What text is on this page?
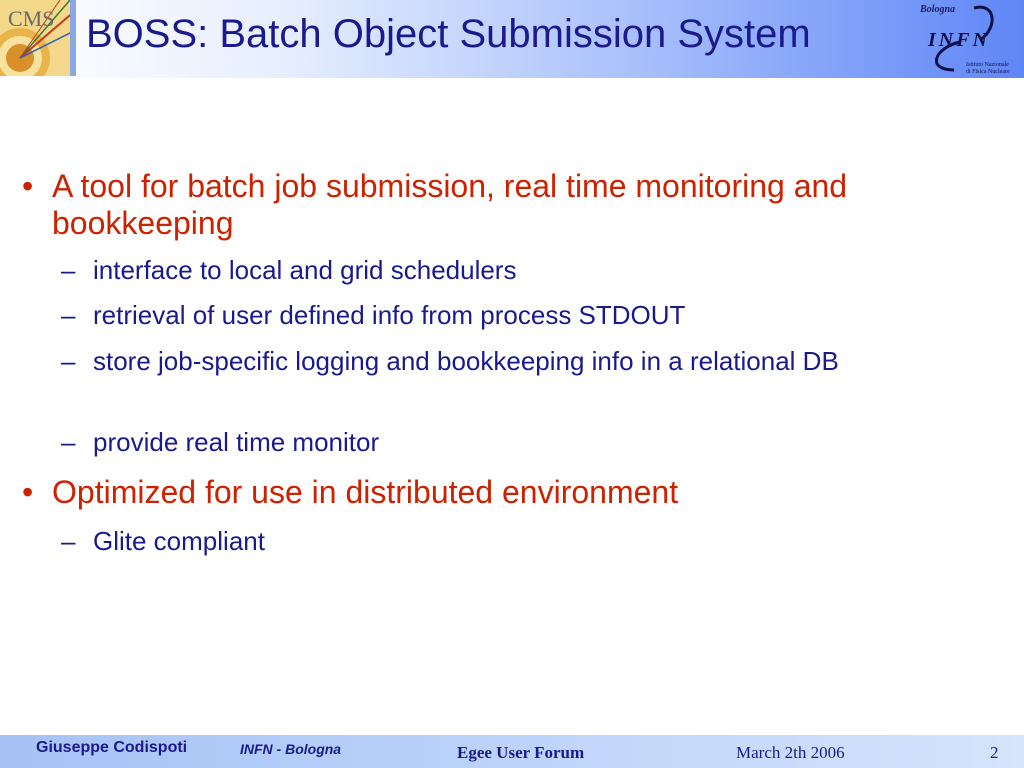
CMS BOSS: Batch Object Submission System
Bologna
INFN
Istituto Nazionale
di Fisica Nucleare
• A tool for batch job submission, real time monitoring and bookkeeping
– interface to local and grid schedulers
– retrieval of user defined info from process STDOUT
– store job-specific logging and bookkeeping info in a relational DB
– provide real time monitor
• Optimized for use in distributed environment
– Glite compliant
Giuseppe Codispoti	INFN - Bologna	Egee User Forum	March 2th 2006	2
